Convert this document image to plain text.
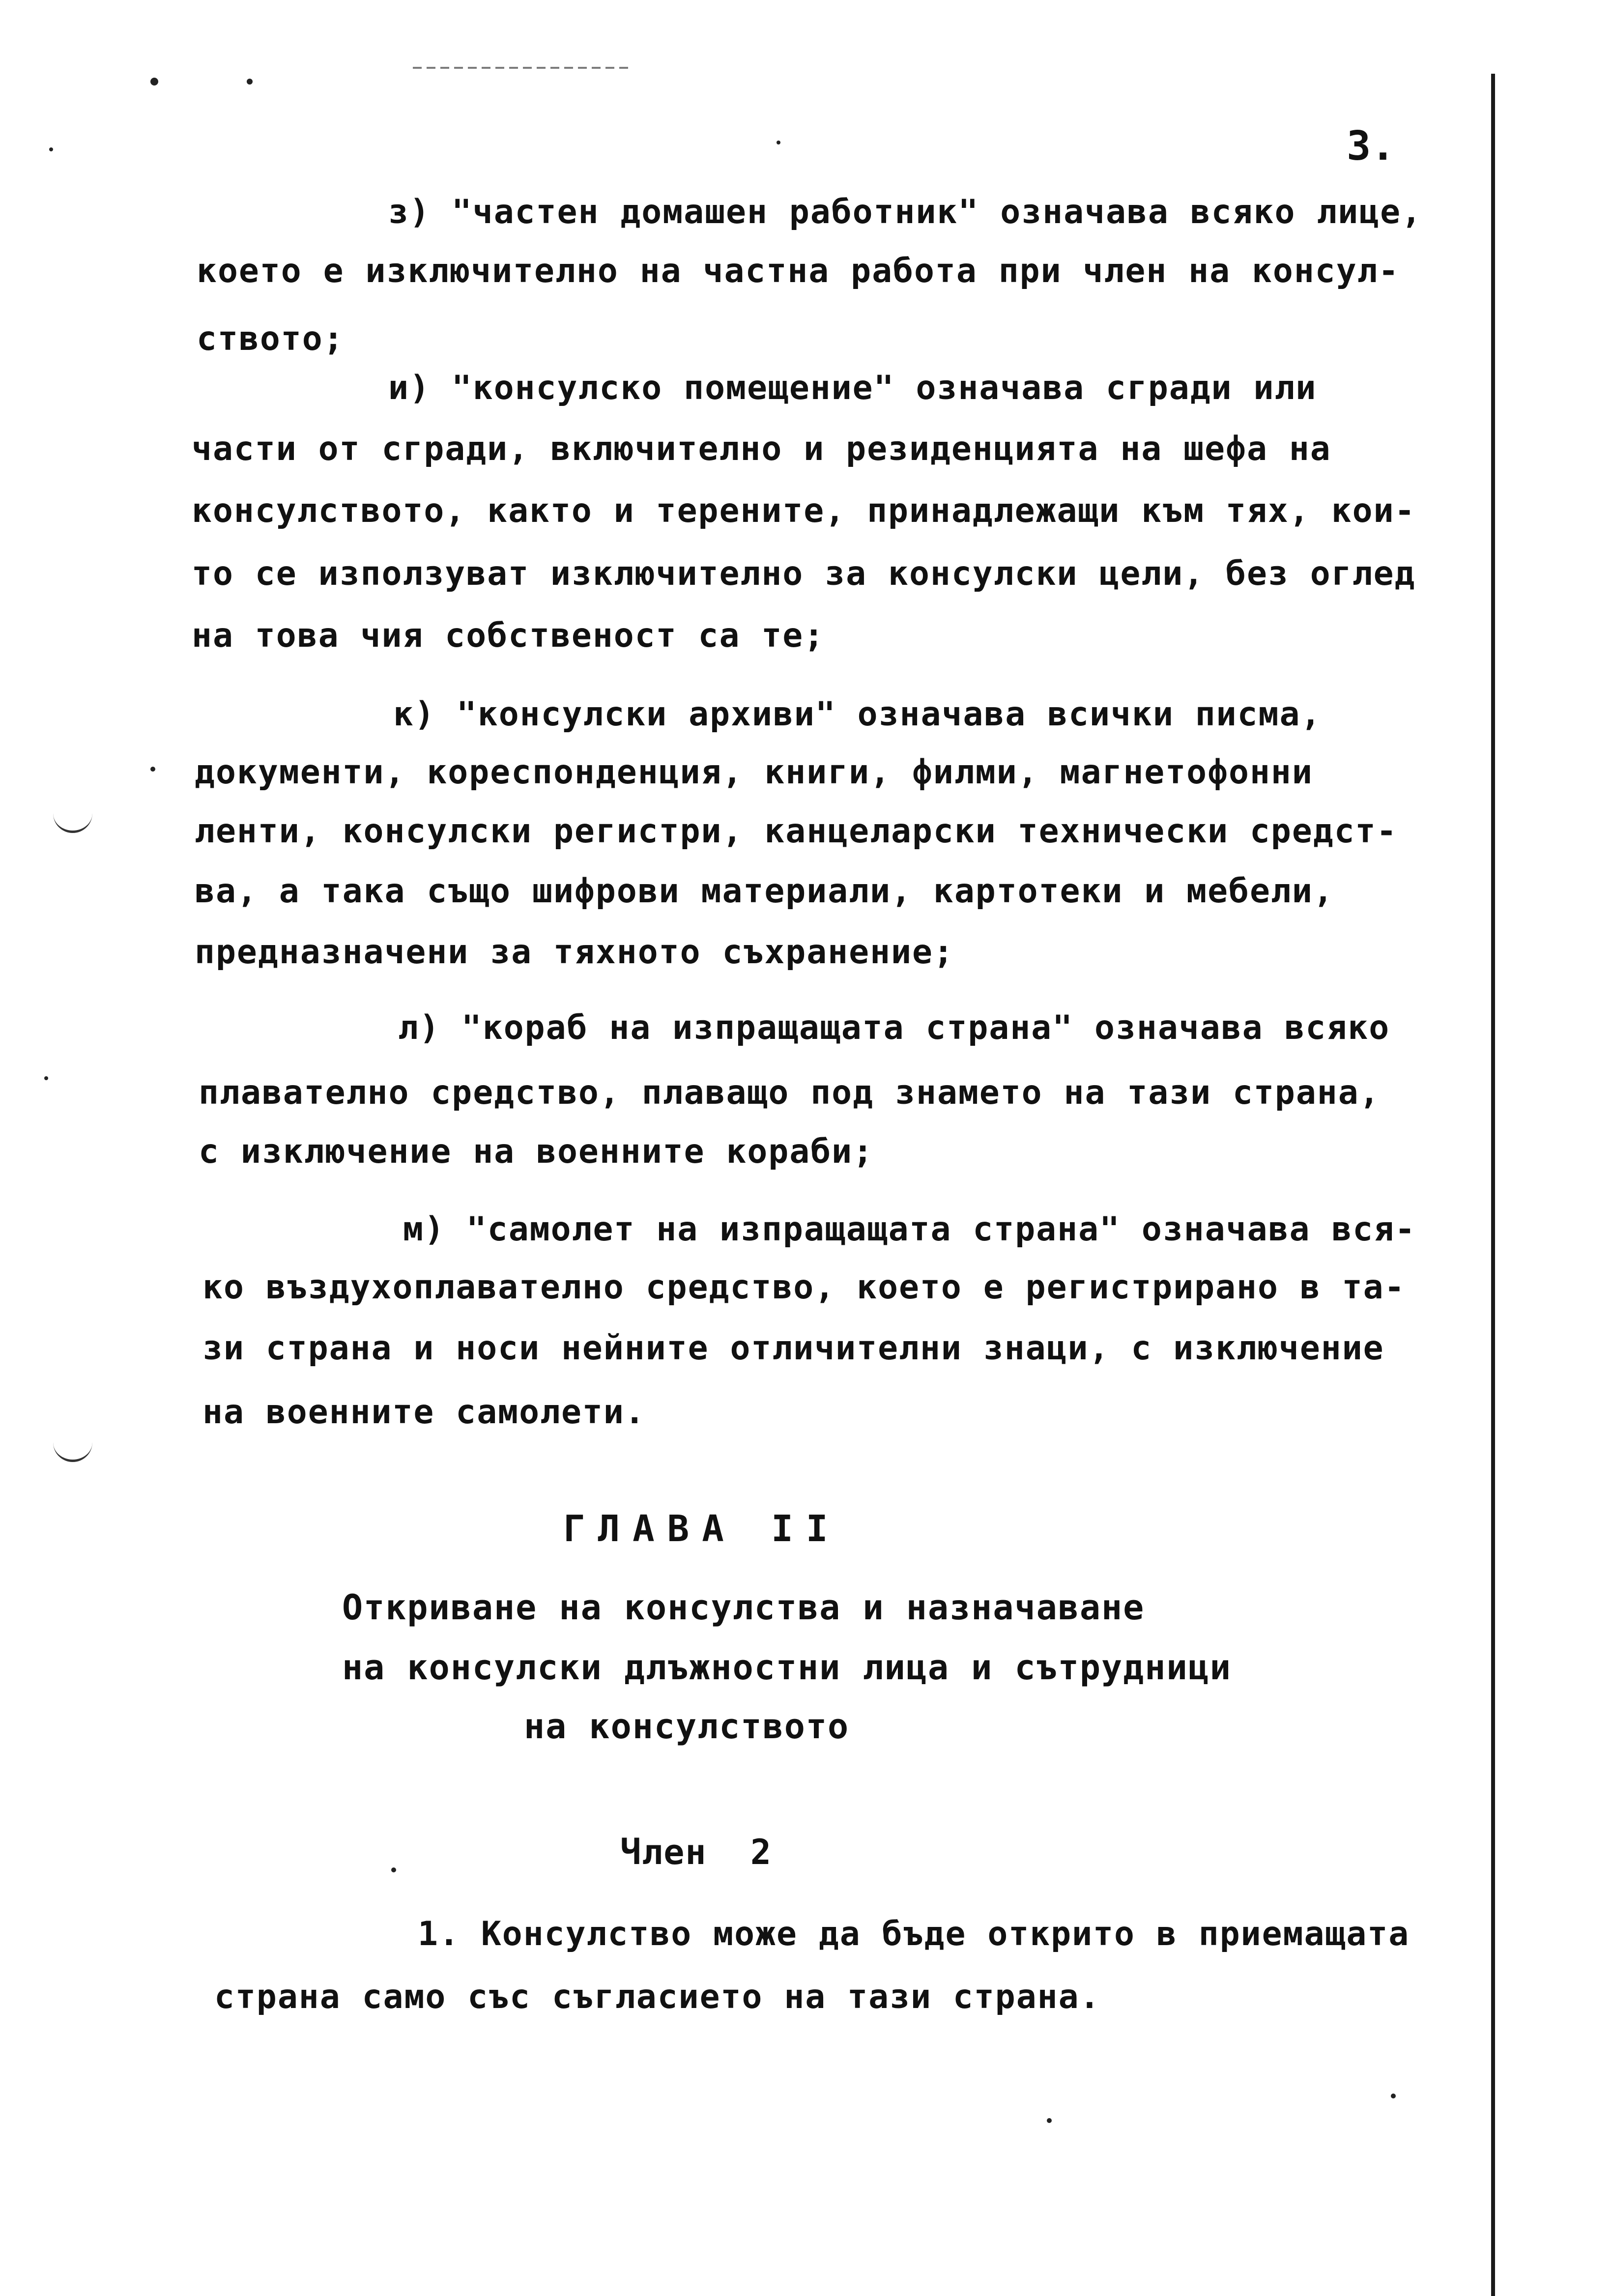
3.
з) "частен домашен работник" означава всяко лице,
което е изключително на частна работа при член на консул-
ството;
и) "консулско помещение" означава сгради или
части от сгради, включително и резиденцията на шефа на
консулството, както и терените, принадлежащи към тях, кои-
то се използуват изключително за консулски цели, без оглед
на това чия собственост са те;
к) "консулски архиви" означава всички писма,
документи, кореспонденция, книги, филми, магнетофонни
ленти, консулски регистри, канцеларски технически средст-
ва, а така също шифрови материали, картотеки и мебели,
предназначени за тяхното съхранение;
л) "кораб на изпращащата страна" означава всяко
плавателно средство, плаващо под знамето на тази страна,
с изключение на военните кораби;
м) "самолет на изпращащата страна" означава вся-
ко въздухоплавателно средство, което е регистрирано в та-
зи страна и носи нейните отличителни знаци, с изключение
на военните самолети.
ГЛАВА II
Откриване на консулства и назначаване
на консулски длъжностни лица и сътрудници
на консулството
Член  2
1. Консулство може да бъде открито в приемащата
страна само със съгласието на тази страна.
